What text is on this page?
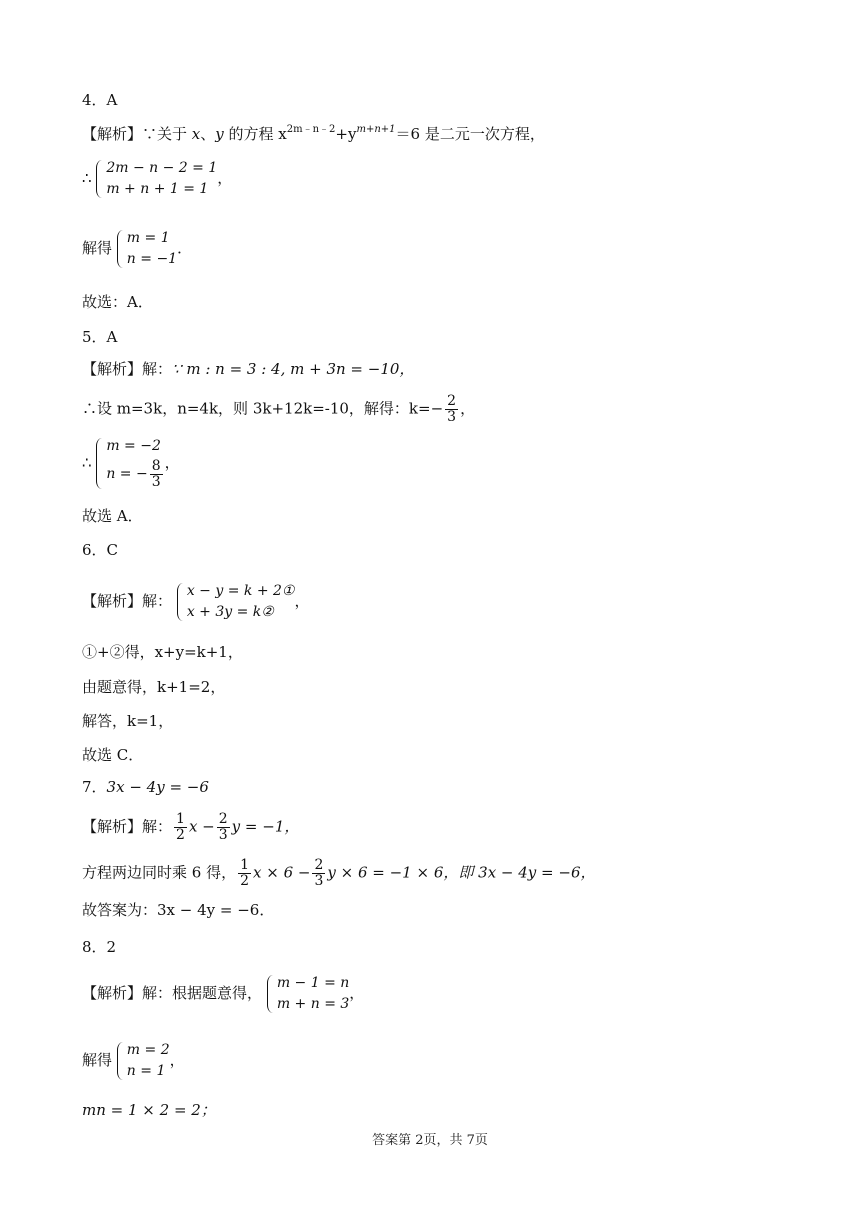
4．A
【解析】∵关于 x、y 的方程 $x^{2m﹣n﹣2}+y^{m+n+1}=6$ 是二元一次方程，
∴
2m − n − 2 = 1
m + n + 1 = 1
，
解得
m = 1
n = −1
．
故选：A．
5．A
【解析】解：∵ m : n = 3 : 4, m + 3n = −10，
∴设 m=3k，n=4k，则 3k+12k=-10，解得：$k=- \frac{2}{3}$ ，
∴
m = −2
n = − $\frac{8}{3}$ ，
故选 A．
6．C
【解析】解：
x − y = k + 2①
x + 3y = k②
，
①+②得，x+y=k+1，
由题意得，k+1=2，
解答，k=1，
故选 C．
7．3x − 4y = −6
【解析】解： $\frac{1}{2}$ $x - \frac{2}{3}$ y = −1，
方程两边同时乘 6 得， $\frac{1}{2}$ $x \times 6 - \frac{2}{3}$ y × 6 = −1 × 6，即 3x − 4y = −6，
故答案为：3x − 4y = −6．
8．2
【解析】解：根据题意得，
m − 1 = n
m + n = 3
，
解得
m = 2
n = 1
，
mn = 1 × 2 = 2；
答案第 2页，共 7页
